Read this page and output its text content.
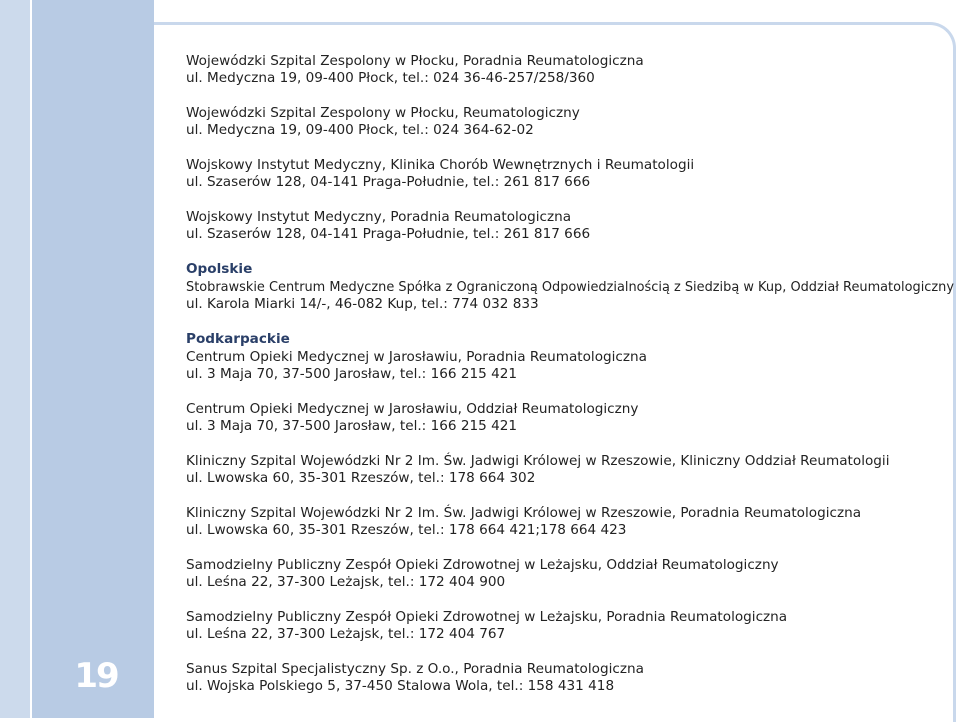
19
Wojewódzki Szpital Zespolony w Płocku, Poradnia Reumatologiczna
ul. Medyczna 19, 09-400 Płock, tel.: 024 36-46-257/258/360
Wojewódzki Szpital Zespolony w Płocku, Reumatologiczny
ul. Medyczna 19, 09-400 Płock, tel.: 024 364-62-02
Wojskowy Instytut Medyczny, Klinika Chorób Wewnętrznych i Reumatologii
ul. Szaserów 128, 04-141 Praga-Południe, tel.: 261 817 666
Wojskowy Instytut Medyczny, Poradnia Reumatologiczna
ul. Szaserów 128, 04-141 Praga-Południe, tel.: 261 817 666
Opolskie
Stobrawskie Centrum Medyczne Spółka z Ograniczoną Odpowiedzialnością z Siedzibą w Kup, Oddział Reumatologiczny
ul. Karola Miarki 14/-, 46-082 Kup, tel.: 774 032 833
Podkarpackie
Centrum Opieki Medycznej w Jarosławiu, Poradnia Reumatologiczna
ul. 3 Maja 70, 37-500 Jarosław, tel.: 166 215 421
Centrum Opieki Medycznej w Jarosławiu, Oddział Reumatologiczny
ul. 3 Maja 70, 37-500 Jarosław, tel.: 166 215 421
Kliniczny Szpital Wojewódzki Nr 2 Im. Św. Jadwigi Królowej w Rzeszowie, Kliniczny Oddział Reumatologii
ul. Lwowska 60, 35-301 Rzeszów, tel.: 178 664 302
Kliniczny Szpital Wojewódzki Nr 2 Im. Św. Jadwigi Królowej w Rzeszowie, Poradnia Reumatologiczna
ul. Lwowska 60, 35-301 Rzeszów, tel.: 178 664 421;178 664 423
Samodzielny Publiczny Zespół Opieki Zdrowotnej w Leżajsku, Oddział Reumatologiczny
ul. Leśna 22, 37-300 Leżajsk, tel.: 172 404 900
Samodzielny Publiczny Zespół Opieki Zdrowotnej w Leżajsku, Poradnia Reumatologiczna
ul. Leśna 22, 37-300 Leżajsk, tel.: 172 404 767
Sanus Szpital Specjalistyczny Sp. z O.o., Poradnia Reumatologiczna
ul. Wojska Polskiego 5, 37-450 Stalowa Wola, tel.: 158 431 418
